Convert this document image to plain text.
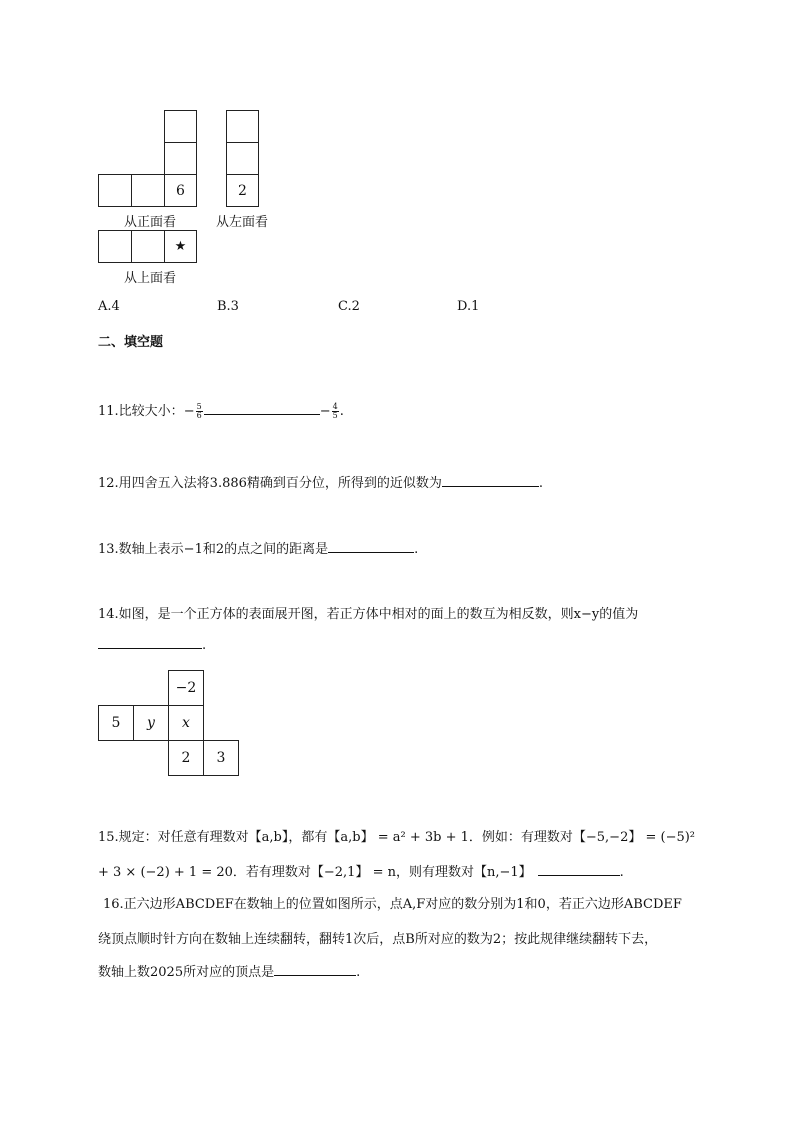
6
从正面看
2
从左面看
★
从上面看
A.4	B.3	C.2	D.1
二、填空题
11.比较大小：− $\frac{5}{6}$	− $\frac{4}{5}$ .
12.用四舍五入法将3.886精确到百分位，所得到的近似数为	.
13.数轴上表示−1和2的点之间的距离是	.
14.如图，是一个正方体的表面展开图，若正方体中相对的面上的数互为相反数，则x−y的值为
.
−2
5	y	x
2	3
15.规定：对任意有理数对【a,b】，都有【a,b】 = a² + 3b + 1．例如：有理数对【−5,−2】 = (−5)²
+ 3 × (−2) + 1 = 20．若有理数对【−2,1】 = n，则有理数对【n,−1】	.
16.正六边形ABCDEF在数轴上的位置如图所示，点A,F对应的数分别为1和0，若正六边形ABCDEF
绕顶点顺时针方向在数轴上连续翻转，翻转1次后，点B所对应的数为2；按此规律继续翻转下去，
数轴上数2025所对应的顶点是	.
